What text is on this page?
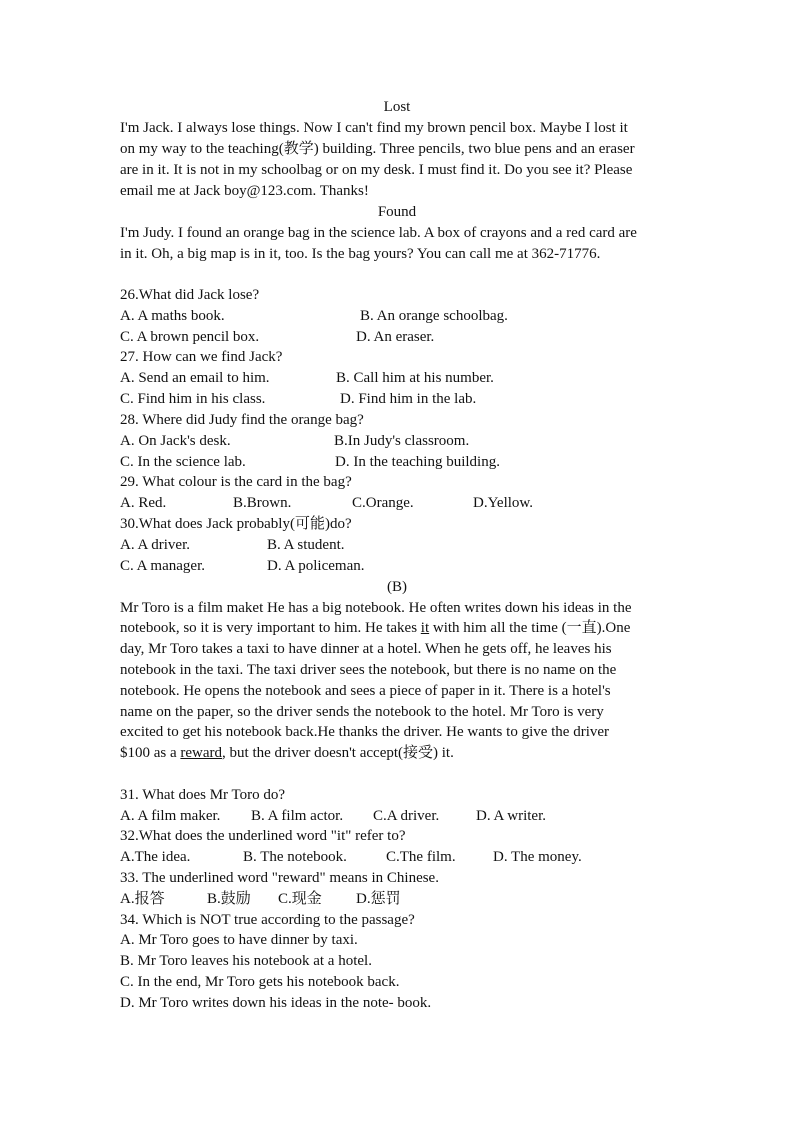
Lost
I'm Jack. I always lose things. Now I can't find my brown pencil box. Maybe I lost it
on my way to the teaching(教学) building. Three pencils, two blue pens and an eraser
are in it. It is not in my schoolbag or on my desk. I must find it. Do you see it? Please
email me at Jack boy@123.com. Thanks!
Found
I'm Judy. I found an orange bag in the science lab. A box of crayons and a red card are
in it. Oh, a big map is in it, too. Is the bag yours? You can call me at 362-71776.
26.What did Jack lose?
A. A maths book.	B. An orange schoolbag.
C. A brown pencil box.	D. An eraser.
27. How can we find Jack?
A. Send an email to him.	B. Call him at his number.
C. Find him in his class.	D. Find him in the lab.
28. Where did Judy find the orange bag?
A. On Jack's desk.	B.In Judy's classroom.
C. In the science lab.	D. In the teaching building.
29. What colour is the card in the bag?
A. Red.	B.Brown.	C.Orange.	D.Yellow.
30.What does Jack probably(可能)do?
A. A driver.	B. A student.
C. A manager.	D. A policeman.
(B)
Mr Toro is a film maket He has a big notebook. He often writes down his ideas in the
notebook, so it is very important to him. He takes it with him all the time (一直).One
day, Mr Toro takes a taxi to have dinner at a hotel. When he gets off, he leaves his
notebook in the taxi. The taxi driver sees the notebook, but there is no name on the
notebook. He opens the notebook and sees a piece of paper in it. There is a hotel's
name on the paper, so the driver sends the notebook to the hotel. Mr Toro is very
excited to get his notebook back.He thanks the driver. He wants to give the driver
$100 as a reward, but the driver doesn't accept(接受) it.
31. What does Mr Toro do?
A. A film maker. B. A film actor. C.A driver. D. A writer.
32.What does the underlined word "it" refer to?
A.The idea.	B. The notebook.	C.The film. D. The money.
33. The underlined word "reward" means in Chinese.
A.报答	B.鼓励 C.现金 D.惩罚
34. Which is NOT true according to the passage?
A. Mr Toro goes to have dinner by taxi.
B. Mr Toro leaves his notebook at a hotel.
C. In the end, Mr Toro gets his notebook back.
D. Mr Toro writes down his ideas in the note- book.
